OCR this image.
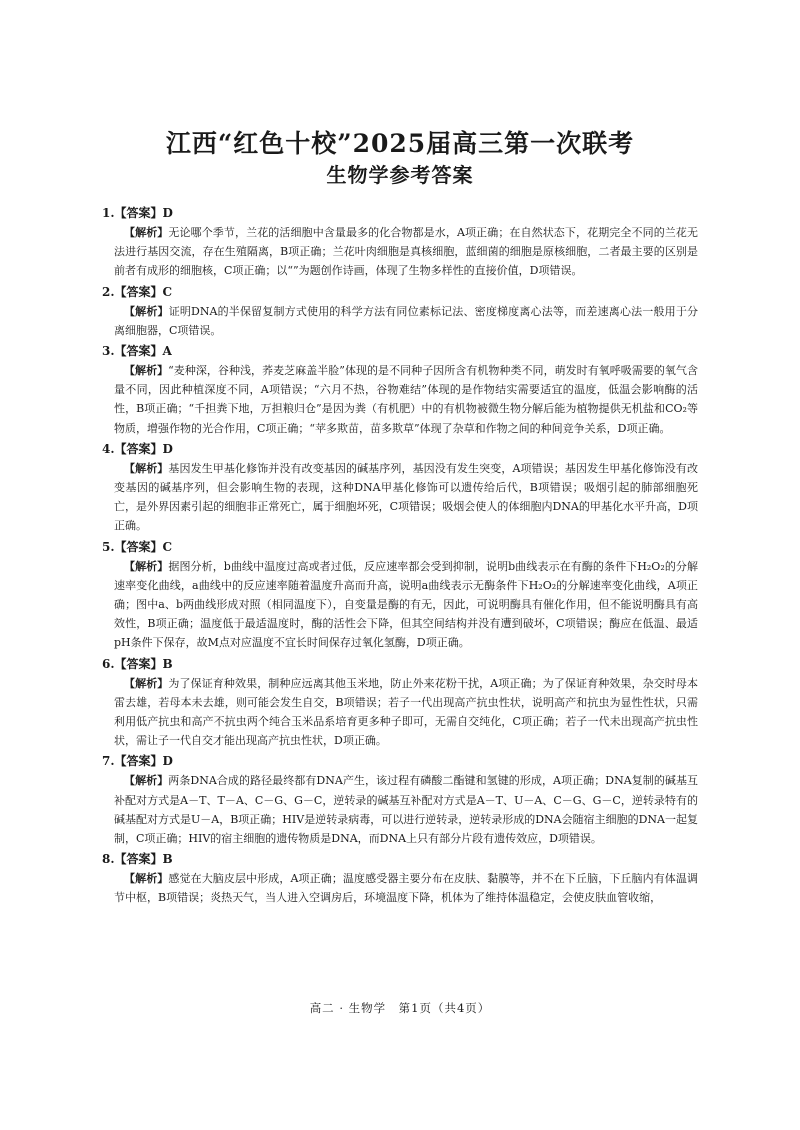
江西“红色十校”2025届高三第一次联考
生物学参考答案
1.【答案】D

【解析】无论哪个季节，兰花的活细胞中含量最多的化合物都是水，A项正确；在自然状态下，花期完全不同的兰花无法进行基因交流，存在生殖隔离，B项正确；兰花叶肉细胞是真核细胞，蓝细菌的细胞是原核细胞，二者最主要的区别是前者有成形的细胞核，C项正确；以“”为题创作诗画，体现了生物多样性的直接价值，D项错误。

2.【答案】C

【解析】证明DNA的半保留复制方式使用的科学方法有同位素标记法、密度梯度离心法等，而差速离心法一般用于分离细胞器，C项错误。

3.【答案】A

【解析】“麦种深，谷种浅，荞麦芝麻盖半脸”体现的是不同种子因所含有机物种类不同，萌发时有氧呼吸需要的氧气含量不同，因此种植深度不同，A项错误；“六月不热，谷物难结”体现的是作物结实需要适宜的温度，低温会影响酶的活性，B项正确；“千担粪下地，万担粮归仓”是因为粪（有机肥）中的有机物被微生物分解后能为植物提供无机盐和CO₂等物质，增强作物的光合作用，C项正确；“苹多欺苗，苗多欺草”体现了杂草和作物之间的种间竞争关系，D项正确。

4.【答案】D

【解析】基因发生甲基化修饰并没有改变基因的碱基序列，基因没有发生突变，A项错误；基因发生甲基化修饰没有改变基因的碱基序列，但会影响生物的表现，这种DNA甲基化修饰可以遗传给后代，B项错误；吸烟引起的肺部细胞死亡，是外界因素引起的细胞非正常死亡，属于细胞坏死，C项错误；吸烟会使人的体细胞内DNA的甲基化水平升高，D项正确。

5.【答案】C

【解析】据图分析，b曲线中温度过高或者过低，反应速率都会受到抑制，说明b曲线表示在有酶的条件下H₂O₂的分解速率变化曲线，a曲线中的反应速率随着温度升高而升高，说明a曲线表示无酶条件下H₂O₂的分解速率变化曲线，A项正确；图中a、b两曲线形成对照（相同温度下），自变量是酶的有无，因此，可说明酶具有催化作用，但不能说明酶具有高效性，B项正确；温度低于最适温度时，酶的活性会下降，但其空间结构并没有遭到破坏，C项错误；酶应在低温、最适pH条件下保存，故M点对应温度不宜长时间保存过氧化氢酶，D项正确。

6.【答案】B

【解析】为了保证育种效果，制种应远离其他玉米地，防止外来花粉干扰，A项正确；为了保证育种效果，杂交时母本雷去雄，若母本未去雄，则可能会发生自交，B项错误；若子一代出现高产抗虫性状，说明高产和抗虫为显性性状，只需利用低产抗虫和高产不抗虫两个纯合玉米品系培育更多种子即可，无需自交纯化，C项正确；若子一代未出现高产抗虫性状，需让子一代自交才能出现高产抗虫性状，D项正确。

7.【答案】D

【解析】两条DNA合成的路径最终都有DNA产生，该过程有磷酸二酯键和氢键的形成，A项正确；DNA复制的碱基互补配对方式是A－T、T－A、C－G、G－C，逆转录的碱基互补配对方式是A－T、U－A、C－G、G－C，逆转录特有的碱基配对方式是U－A，B项正确；HIV是逆转录病毒，可以进行逆转录，逆转录形成的DNA会随宿主细胞的DNA一起复制，C项正确；HIV的宿主细胞的遗传物质是DNA，而DNA上只有部分片段有遗传效应，D项错误。

8.【答案】B

【解析】感觉在大脑皮层中形成，A项正确；温度感受器主要分布在皮肤、黏膜等，并不在下丘脑，下丘脑内有体温调节中枢，B项错误；炎热天气，当人进入空调房后，环境温度下降，机体为了维持体温稳定，会使皮肤血管收缩，

高二 · 生物学　第1页（共4页）
